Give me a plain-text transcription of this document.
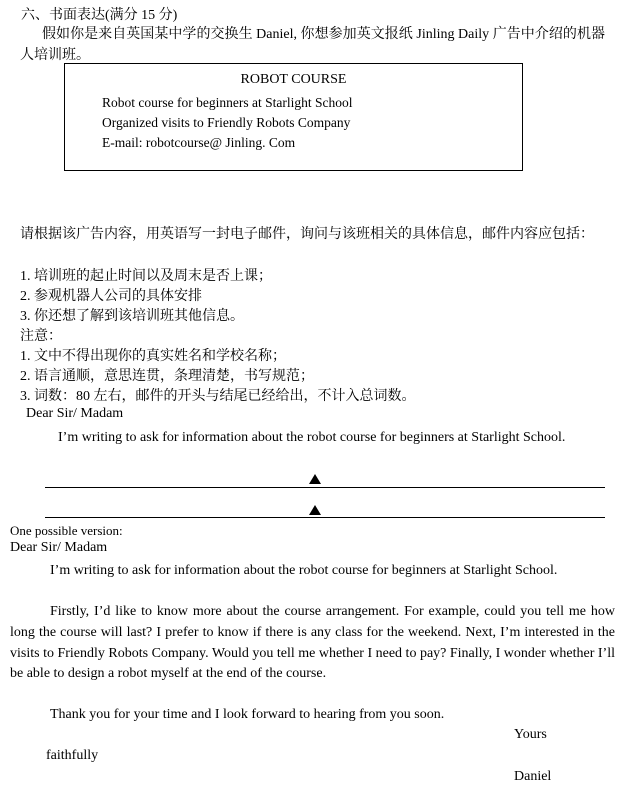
六、书面表达(满分 15 分)
假如你是来自英国某中学的交换生 Daniel, 你想参加英文报纸 Jinling Daily 广告中介绍的机器人培训班。
ROBOT COURSE
Robot course for beginners at Starlight School
Organized visits to Friendly Robots Company
E-mail: robotcourse@ Jinling. Com
请根据该广告内容，用英语写一封电子邮件，询问与该班相关的具体信息，邮件内容应包括：
1. 培训班的起止时间以及周末是否上课；
2. 参观机器人公司的具体安排
3. 你还想了解到该培训班其他信息。
注意：
1. 文中不得出现你的真实姓名和学校名称；
2. 语言通顺，意思连贯，条理清楚，书写规范；
3. 词数：80 左右，邮件的开头与结尾已经给出，不计入总词数。
Dear Sir/ Madam
I’m writing to ask for information about the robot course for beginners at Starlight School.
One possible version:
Dear Sir/ Madam
I’m writing to ask for information about the robot course for beginners at Starlight School.
Firstly, I’d like to know more about the course arrangement. For example, could you tell me how long the course will last? I prefer to know if there is any class for the weekend. Next, I’m interested in the visits to Friendly Robots Company. Would you tell me whether I need to pay? Finally, I wonder whether I’ll be able to design a robot myself at the end of the course.
Thank you for your time and I look forward to hearing from you soon.
Yours
faithfully
Daniel
